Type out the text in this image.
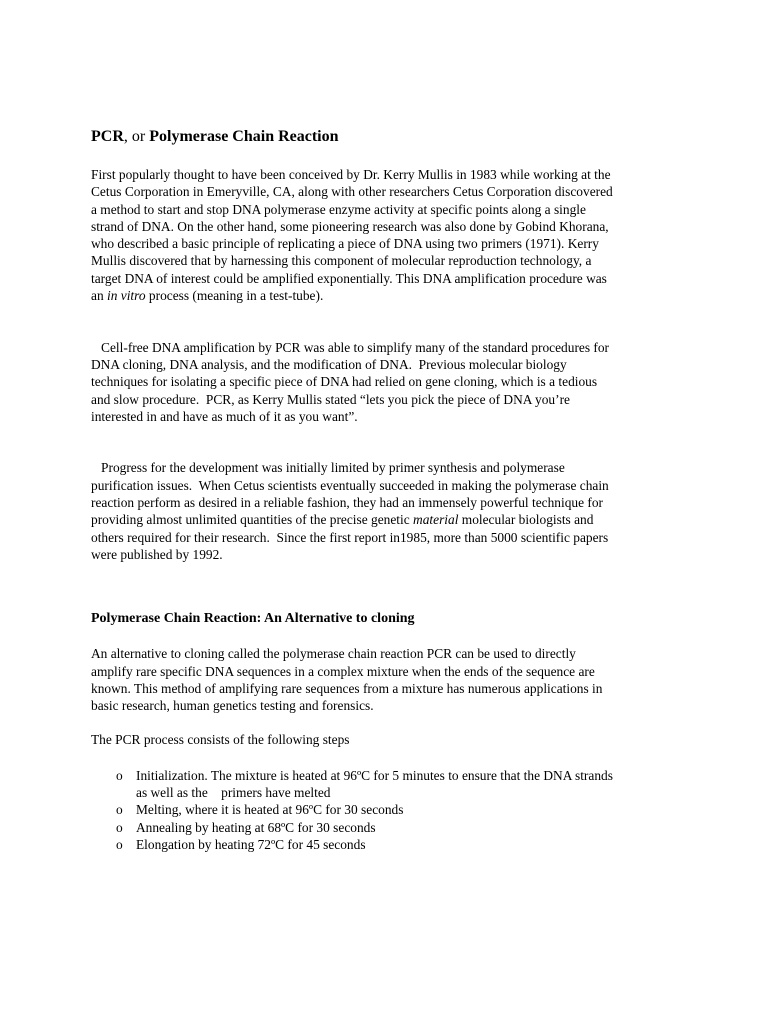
PCR, or Polymerase Chain Reaction

First popularly thought to have been conceived by Dr. Kerry Mullis in 1983 while working at the
Cetus Corporation in Emeryville, CA, along with other researchers Cetus Corporation discovered
a method to start and stop DNA polymerase enzyme activity at specific points along a single
strand of DNA. On the other hand, some pioneering research was also done by Gobind Khorana,
who described a basic principle of replicating a piece of DNA using two primers (1971). Kerry
Mullis discovered that by harnessing this component of molecular reproduction technology, a
target DNA of interest could be amplified exponentially. This DNA amplification procedure was
an in vitro process (meaning in a test-tube).

Cell-free DNA amplification by PCR was able to simplify many of the standard procedures for
DNA cloning, DNA analysis, and the modification of DNA.  Previous molecular biology
techniques for isolating a specific piece of DNA had relied on gene cloning, which is a tedious
and slow procedure.  PCR, as Kerry Mullis stated “lets you pick the piece of DNA you’re
interested in and have as much of it as you want”.

Progress for the development was initially limited by primer synthesis and polymerase
purification issues.  When Cetus scientists eventually succeeded in making the polymerase chain
reaction perform as desired in a reliable fashion, they had an immensely powerful technique for
providing almost unlimited quantities of the precise genetic material molecular biologists and
others required for their research.  Since the first report in1985, more than 5000 scientific papers
were published by 1992.

Polymerase Chain Reaction: An Alternative to cloning

An alternative to cloning called the polymerase chain reaction PCR can be used to directly
amplify rare specific DNA sequences in a complex mixture when the ends of the sequence are
known. This method of amplifying rare sequences from a mixture has numerous applications in
basic research, human genetics testing and forensics.

The PCR process consists of the following steps

o Initialization. The mixture is heated at 96ºC for 5 minutes to ensure that the DNA strands
as well as the    primers have melted
o Melting, where it is heated at 96ºC for 30 seconds
o Annealing by heating at 68ºC for 30 seconds
o Elongation by heating 72ºC for 45 seconds
